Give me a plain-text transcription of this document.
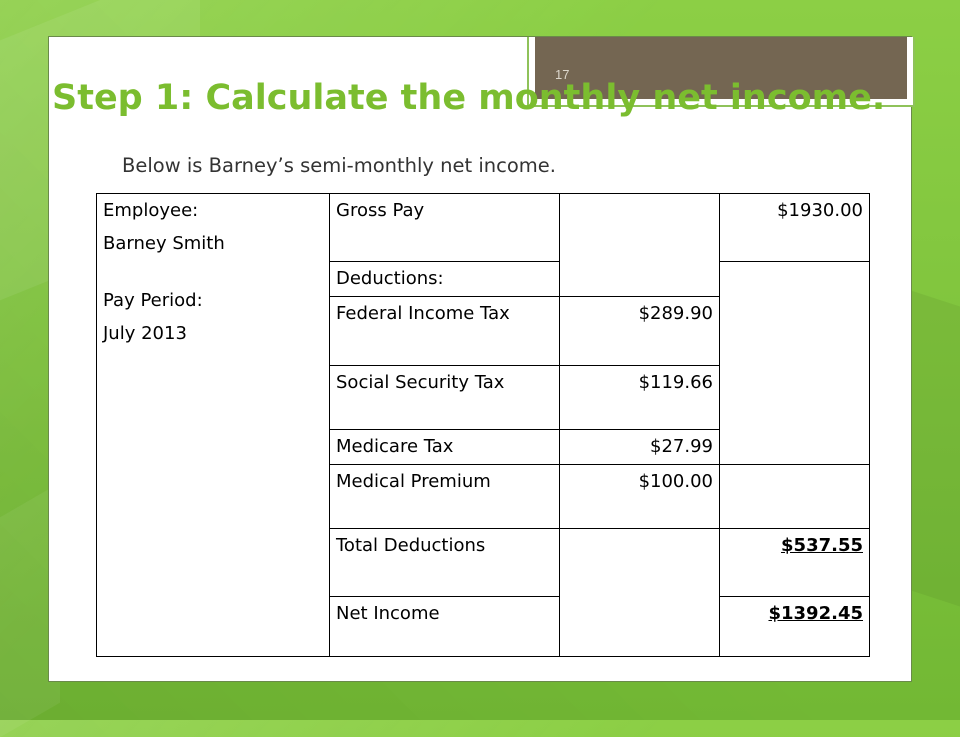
17
Step 1: Calculate the monthly net income.
Below is Barney’s semi-monthly net income.
Employee:
Barney Smith
Pay Period:
July 2013	Gross Pay		$1930.00
	Deductions:		
	Federal Income Tax	$289.90	
	Social Security Tax	$119.66	
	Medicare Tax	$27.99	
	Medical Premium	$100.00	
	Total Deductions		$537.55
	Net Income		$1392.45
